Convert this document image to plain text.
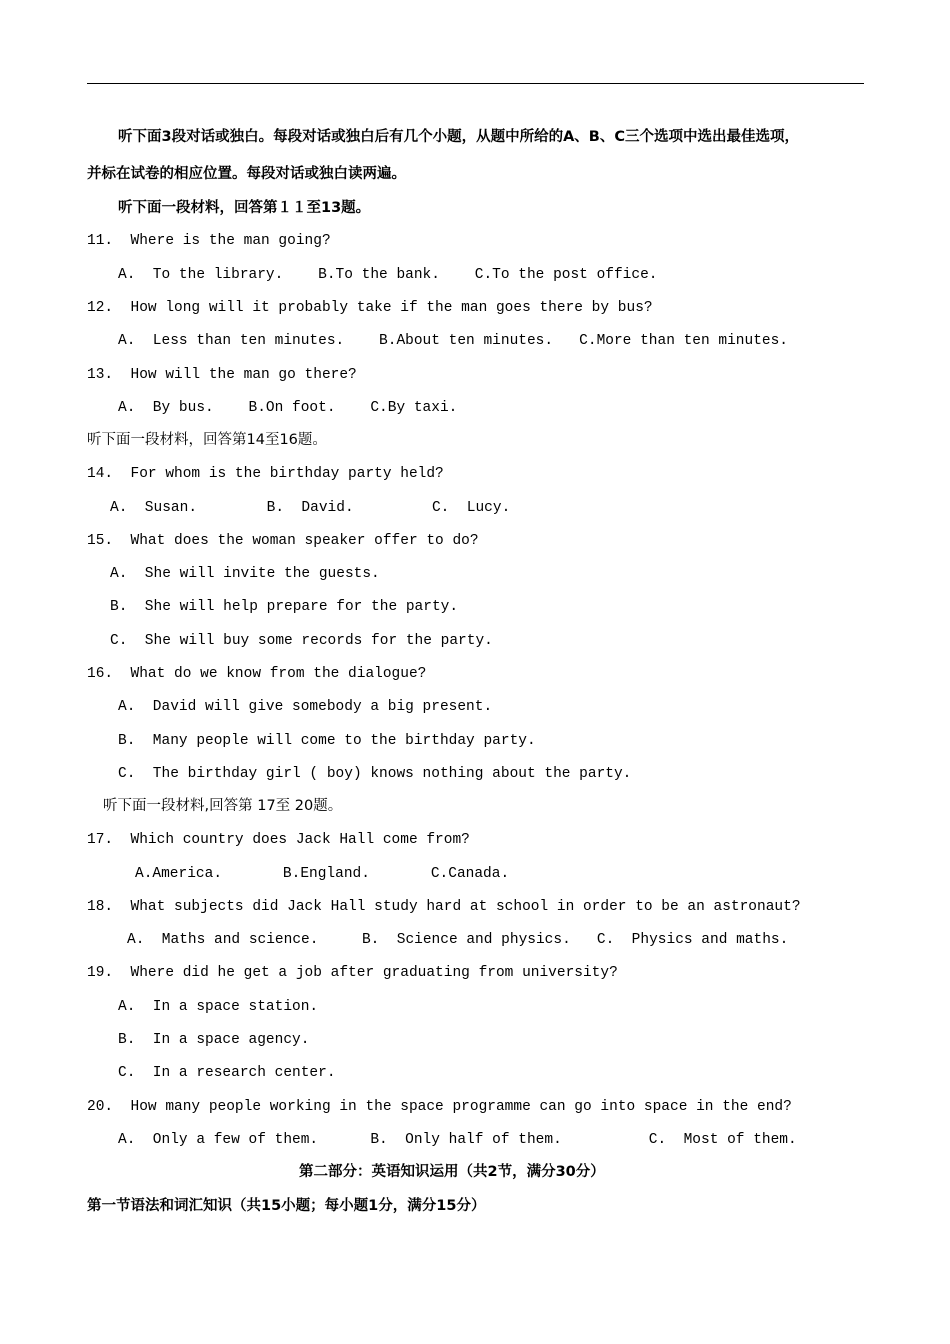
听下面3段对话或独白。每段对话或独白后有几个小题，从题中所给的A、B、C三个选项中选出最佳选项，
并标在试卷的相应位置。每段对话或独白读两遍。
听下面一段材料，回答第１１至13题。
11.  Where is the man going?
A.  To the library.    B.To the bank.    C.To the post office.
12.  How long will it probably take if the man goes there by bus?
A.  Less than ten minutes.    B.About ten minutes.   C.More than ten minutes.
13.  How will the man go there?
A.  By bus.    B.On foot.    C.By taxi.
听下面一段材料，回答第14至16题。
14.  For whom is the birthday party held?
A.  Susan.        B.  David.         C.  Lucy.
15.  What does the woman speaker offer to do?
A.  She will invite the guests.
B.  She will help prepare for the party.
C.  She will buy some records for the party.
16.  What do we know from the dialogue?
A.  David will give somebody a big present.
B.  Many people will come to the birthday party.
C.  The birthday girl ( boy) knows nothing about the party.
听下面一段材料,回答第 17至 20题。
17.  Which country does Jack Hall come from?
A.America.       B.England.       C.Canada.
18.  What subjects did Jack Hall study hard at school in order to be an astronaut?
A.  Maths and science.     B.  Science and physics.   C.  Physics and maths.
19.  Where did he get a job after graduating from university?
A.  In a space station.
B.  In a space agency.
C.  In a research center.
20.  How many people working in the space programme can go into space in the end?
A.  Only a few of them.      B.  Only half of them.          C.  Most of them.
第二部分：英语知识运用（共2节，满分30分）
第一节语法和词汇知识（共15小题；每小题1分，满分15分）
